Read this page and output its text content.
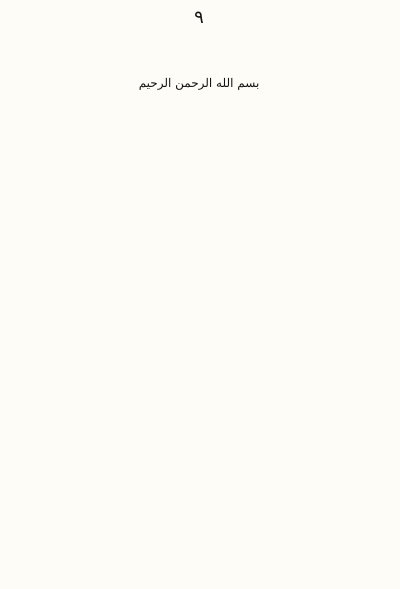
٩
بسم الله الرحمن الرحيم
